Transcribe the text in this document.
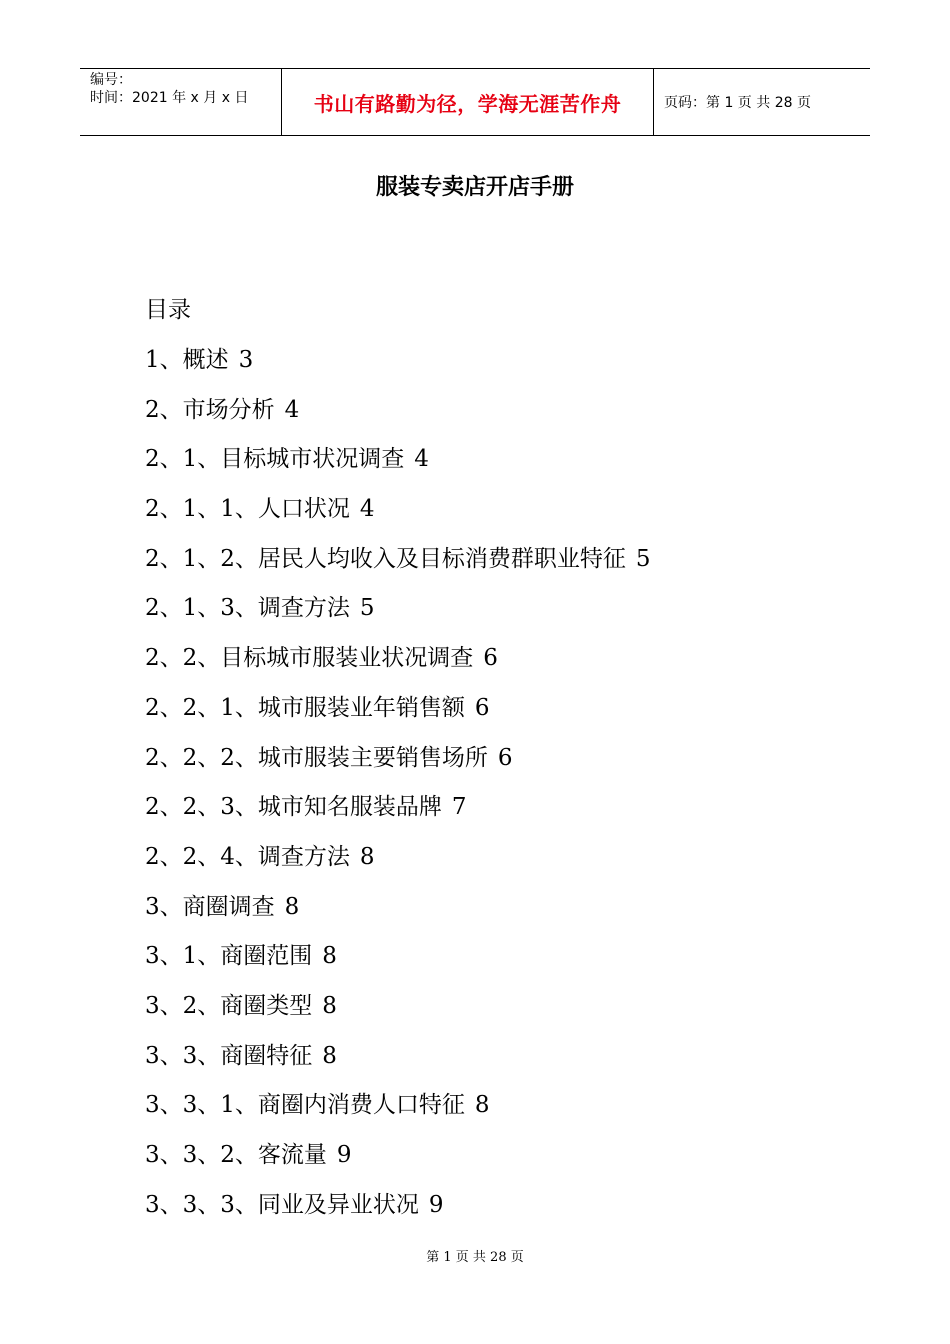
编号：
时间：2021 年 x 月 x 日	书山有路勤为径，学海无涯苦作舟	页码：第 1 页 共 28 页
服装专卖店开店手册
目录
1、概述 3
2、市场分析 4
2、1、目标城市状况调查 4
2、1、1、人口状况 4
2、1、2、居民人均收入及目标消费群职业特征 5
2、1、3、调查方法 5
2、2、目标城市服装业状况调查 6
2、2、1、城市服装业年销售额 6
2、2、2、城市服装主要销售场所 6
2、2、3、城市知名服装品牌 7
2、2、4、调查方法 8
3、商圈调查 8
3、1、商圈范围 8
3、2、商圈类型 8
3、3、商圈特征 8
3、3、1、商圈内消费人口特征 8
3、3、2、客流量 9
3、3、3、同业及异业状况 9
第 1 页 共 28 页
